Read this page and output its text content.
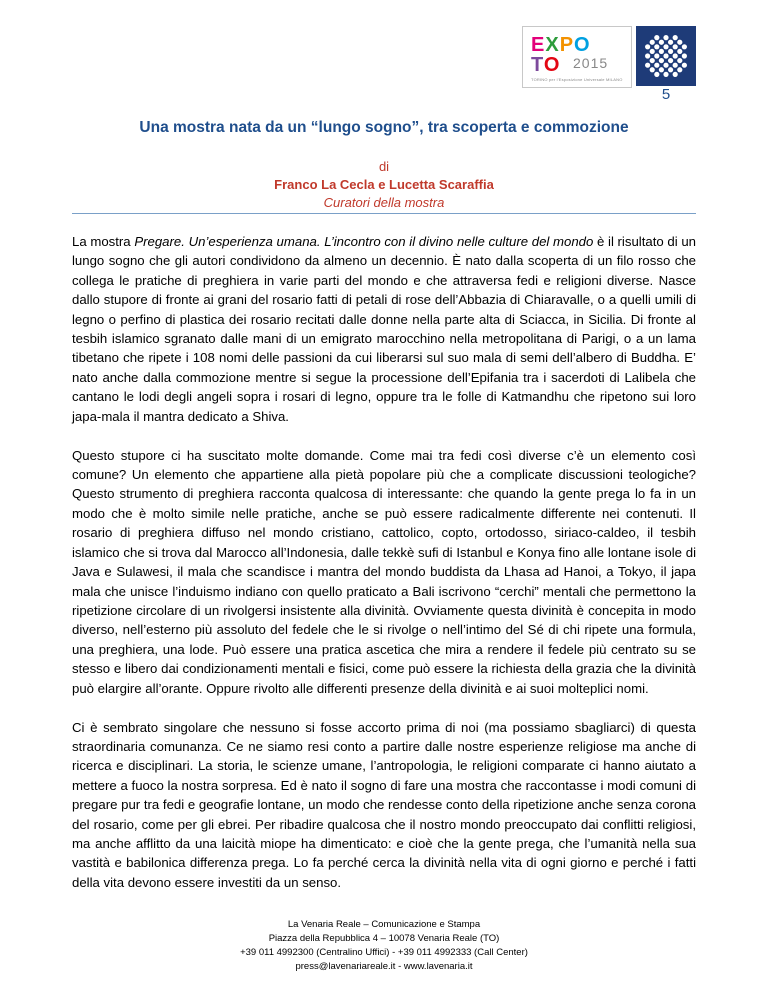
EXPO
TO 2015
TORINO per l'Esposizione Universale MILANO
5
Una mostra nata da un “lungo sogno”, tra scoperta e commozione
di
Franco La Cecla e Lucetta Scaraffia
Curatori della mostra

La mostra Pregare. Un’esperienza umana. L’incontro con il divino nelle culture del mondo è il risultato di un lungo sogno che gli autori condividono da almeno un decennio. È nato dalla scoperta di un filo rosso che collega le pratiche di preghiera in varie parti del mondo e che attraversa fedi e religioni diverse. Nasce dallo stupore di fronte ai grani del rosario fatti di petali di rose dell’Abbazia di Chiaravalle, o a quelli umili di legno o perfino di plastica dei rosario recitati dalle donne nella parte alta di Sciacca, in Sicilia. Di fronte al tesbih islamico sgranato dalle mani di un emigrato marocchino nella metropolitana di Parigi, o a un lama tibetano che ripete i 108 nomi delle passioni da cui liberarsi sul suo mala di semi dell’albero di Buddha. E’ nato anche dalla commozione mentre si segue la processione dell’Epifania tra i sacerdoti di Lalibela che cantano le lodi degli angeli sopra i rosari di legno, oppure tra le folle di Katmandhu che ripetono sui loro japa-mala il mantra dedicato a Shiva.

Questo stupore ci ha suscitato molte domande. Come mai tra fedi così diverse c’è un elemento così comune? Un elemento che appartiene alla pietà popolare più che a complicate discussioni teologiche? Questo strumento di preghiera racconta qualcosa di interessante: che quando la gente prega lo fa in un modo che è molto simile nelle pratiche, anche se può essere radicalmente differente nei contenuti. Il rosario di preghiera diffuso nel mondo cristiano, cattolico, copto, ortodosso, siriaco-caldeo, il tesbih islamico che si trova dal Marocco all’Indonesia, dalle tekkè sufi di Istanbul e Konya fino alle lontane isole di Java e Sulawesi, il mala che scandisce i mantra del mondo buddista da Lhasa ad Hanoi, a Tokyo, il japa mala che unisce l’induismo indiano con quello praticato a Bali iscrivono “cerchi” mentali che permettono la ripetizione circolare di un rivolgersi insistente alla divinità. Ovviamente questa divinità è concepita in modo diverso, nell’esterno più assoluto del fedele che le si rivolge o nell’intimo del Sé di chi ripete una formula, una preghiera, una lode. Può essere una pratica ascetica che mira a rendere il fedele più centrato su se stesso e libero dai condizionamenti mentali e fisici, come può essere la richiesta della grazia che la divinità può elargire all’orante. Oppure rivolto alle differenti presenze della divinità e ai suoi molteplici nomi.

Ci è sembrato singolare che nessuno si fosse accorto prima di noi (ma possiamo sbagliarci) di questa straordinaria comunanza. Ce ne siamo resi conto a partire dalle nostre esperienze religiose ma anche di ricerca e disciplinari. La storia, le scienze umane, l’antropologia, le religioni comparate ci hanno aiutato a mettere a fuoco la nostra sorpresa. Ed è nato il sogno di fare una mostra che raccontasse i modi comuni di pregare pur tra fedi e geografie lontane, un modo che rendesse conto della ripetizione anche senza corona del rosario, come per gli ebrei. Per ribadire qualcosa che il nostro mondo preoccupato dai conflitti religiosi, ma anche afflitto da una laicità miope ha dimenticato: e cioè che la gente prega, che l’umanità nella sua vastità e babilonica differenza prega. Lo fa perché cerca la divinità nella vita di ogni giorno e perché i fatti della vita devono essere investiti da un senso.

La Venaria Reale – Comunicazione e Stampa
Piazza della Repubblica 4 – 10078 Venaria Reale (TO)
+39 011 4992300 (Centralino Uffici) - +39 011 4992333 (Call Center)
press@lavenariareale.it - www.lavenaria.it
